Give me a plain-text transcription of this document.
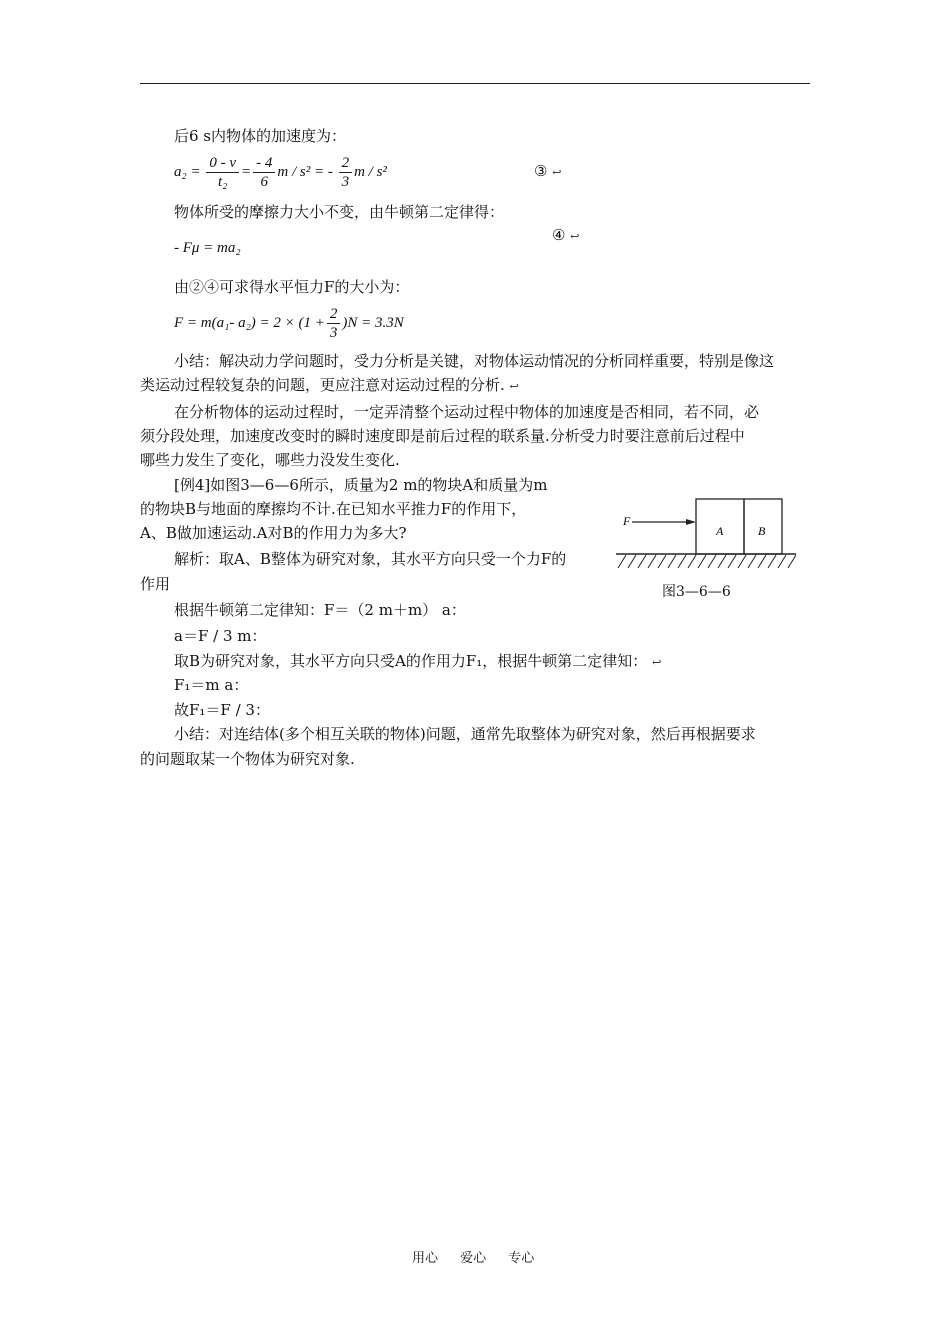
后6 s内物体的加速度为：
$a_2 = \frac{0 - v}{\text{t₂}} = \frac{- 4}{6}$ m / s² = - $\frac{2}{3}$ m / s²	③ ↩
物体所受的摩擦力大小不变，由牛顿第二定律得：
- Fμ = ma₂
④ ↩
由②④可求得水平恒力F的大小为：
F = m(a₁- $a_2) = 2 \times (1 + \frac{2}{3} )N = 3.3N$
小结：解决动力学问题时，受力分析是关键，对物体运动情况的分析同样重要，特别是像这
类运动过程较复杂的问题，更应注意对运动过程的分析. ↩
在分析物体的运动过程时，一定弄清整个运动过程中物体的加速度是否相同，若不同，必
须分段处理，加速度改变时的瞬时速度即是前后过程的联系量.分析受力时要注意前后过程中
哪些力发生了变化，哪些力没发生变化.
[例4]如图3—6—6所示，质量为2 m的物块A和质量为m
的物块B与地面的摩擦均不计.在已知水平推力F的作用下，
A、B做加速运动.A对B的作用力为多大?
解析：取A、B整体为研究对象，其水平方向只受一个力F的
作用
F
A	B
图3—6—6
根据牛顿第二定律知：F＝（2 m＋m） a：
a＝F / 3 m：
取B为研究对象，其水平方向只受A的作用力F₁，根据牛顿第二定律知： ↩
F₁＝m a：
故F₁＝F / 3：
小结：对连结体(多个相互关联的物体)问题，通常先取整体为研究对象，然后再根据要求
的问题取某一个物体为研究对象.
用心 爱心 专心
